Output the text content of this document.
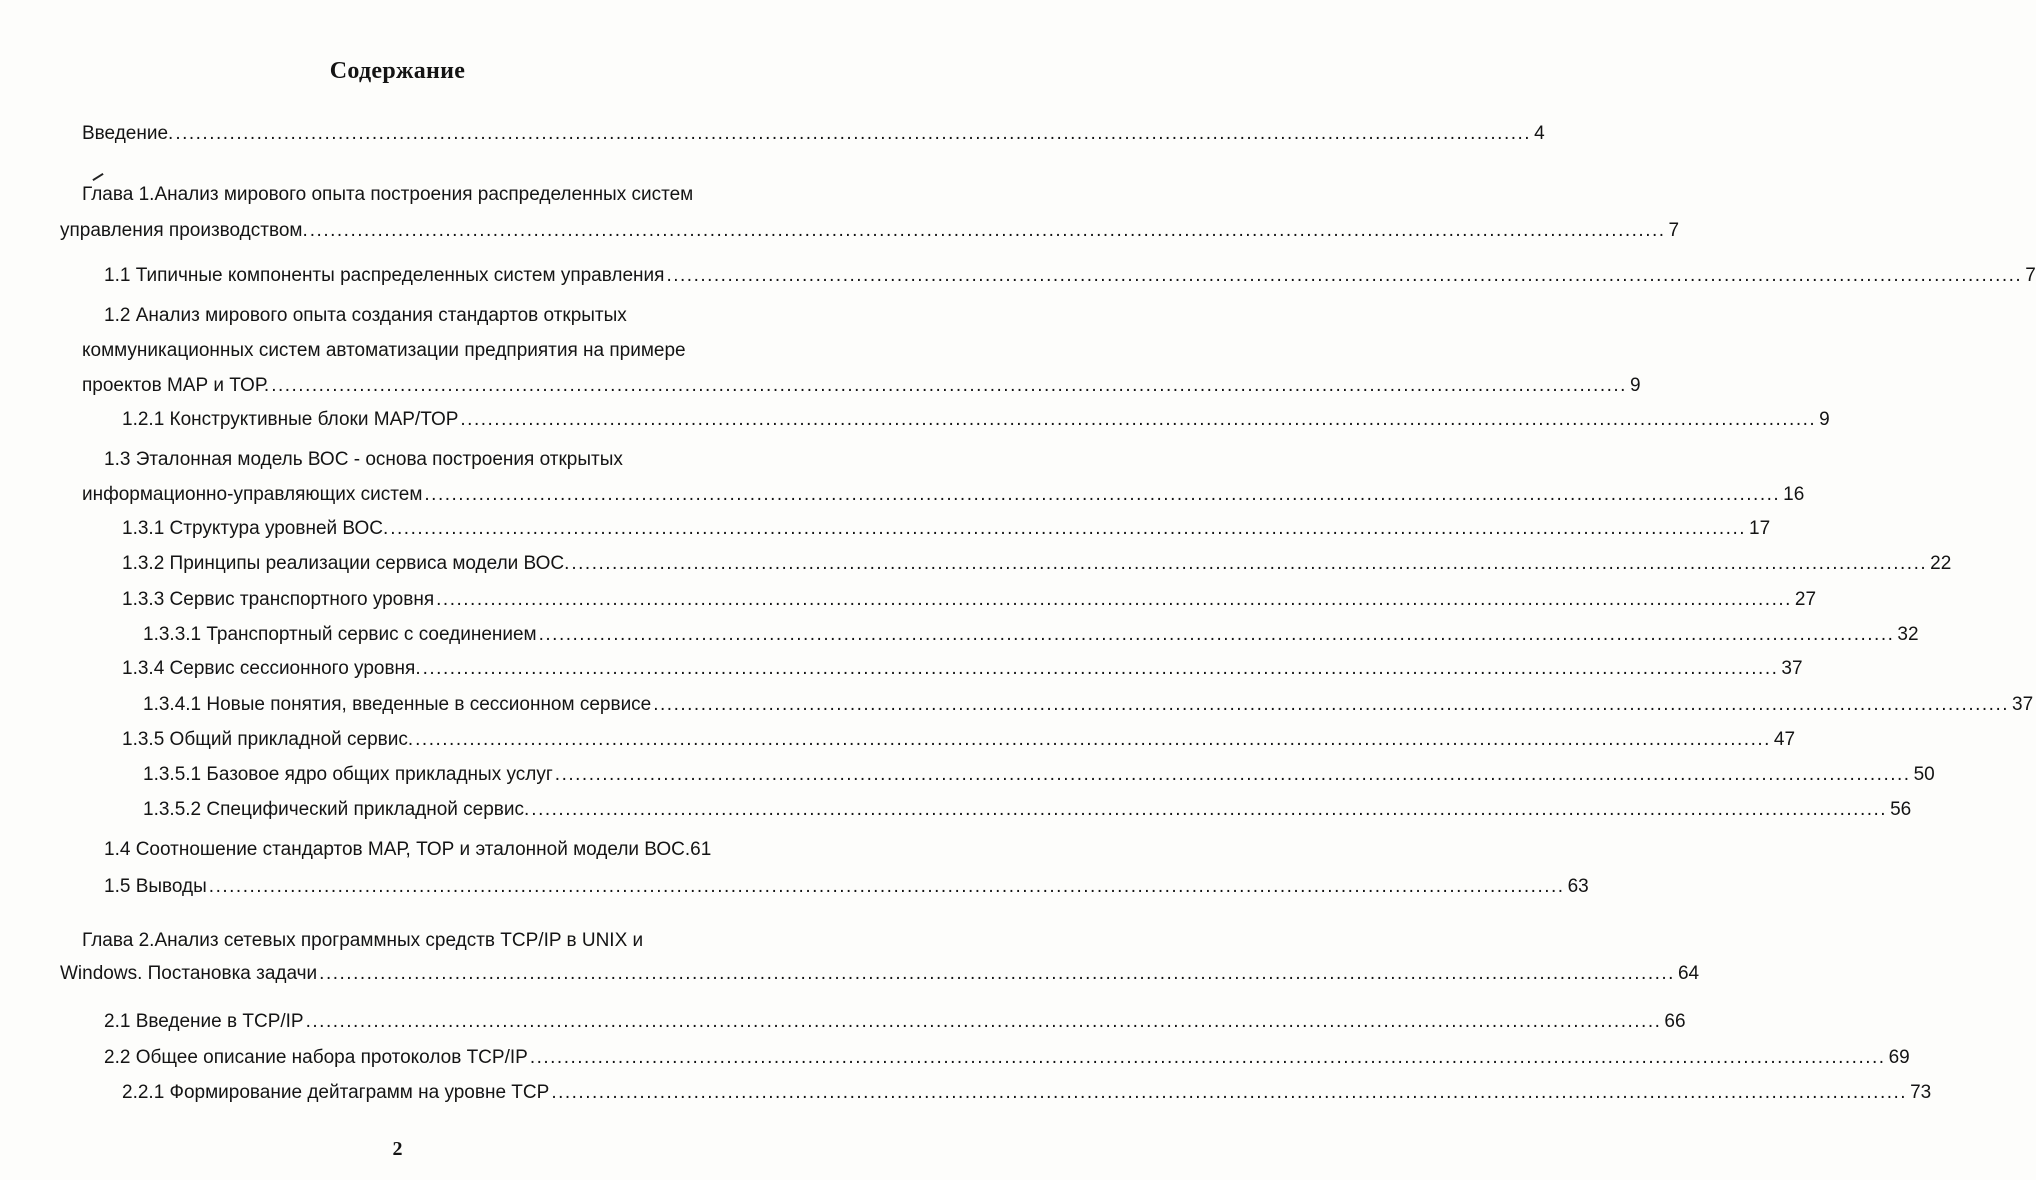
Содержание
Введение. ........................................................................................................................................................................................................ 4
Глава 1.Анализ мирового опыта построения распределенных систем
управления производством. ........................................................................................................................................................................................................ 7
1.1 Типичные компоненты распределенных систем управления ........................................................................................................................................................................................................ 7
1.2 Анализ мирового опыта создания стандартов открытых
коммуникационных систем автоматизации предприятия на примере
проектов МАР и ТОР. ........................................................................................................................................................................................................ 9
1.2.1 Конструктивные блоки МАР/ТОР ........................................................................................................................................................................................................ 9
1.3 Эталонная модель ВОС - основа построения открытых
информационно-управляющих систем ........................................................................................................................................................................................................ 16
1.3.1 Структура уровней ВОС. ........................................................................................................................................................................................................ 17
1.3.2 Принципы реализации сервиса модели ВОС. ........................................................................................................................................................................................................ 22
1.3.3 Сервис транспортного уровня ........................................................................................................................................................................................................ 27
1.3.3.1 Транспортный сервис с соединением ........................................................................................................................................................................................................ 32
1.3.4 Сервис сессионного уровня. ........................................................................................................................................................................................................ 37
1.3.4.1 Новые понятия, введенные в сессионном сервисе ........................................................................................................................................................................................................ 37
1.3.5 Общий прикладной сервис. ........................................................................................................................................................................................................ 47
1.3.5.1 Базовое ядро общих прикладных услуг ........................................................................................................................................................................................................ 50
1.3.5.2 Специфический прикладной сервис. ........................................................................................................................................................................................................ 56
1.4 Соотношение стандартов МАР, ТОР и эталонной модели ВОС.61
1.5 Выводы ........................................................................................................................................................................................................ 63
Глава 2.Анализ сетевых программных средств TCP/IP в UNIX и
Windows. Постановка задачи ........................................................................................................................................................................................................ 64
2.1 Введение в TCP/IP ........................................................................................................................................................................................................ 66
2.2 Общее описание набора протоколов TCP/IP ........................................................................................................................................................................................................ 69
2.2.1 Формирование дейтаграмм на уровне TCP ........................................................................................................................................................................................................ 73
2
